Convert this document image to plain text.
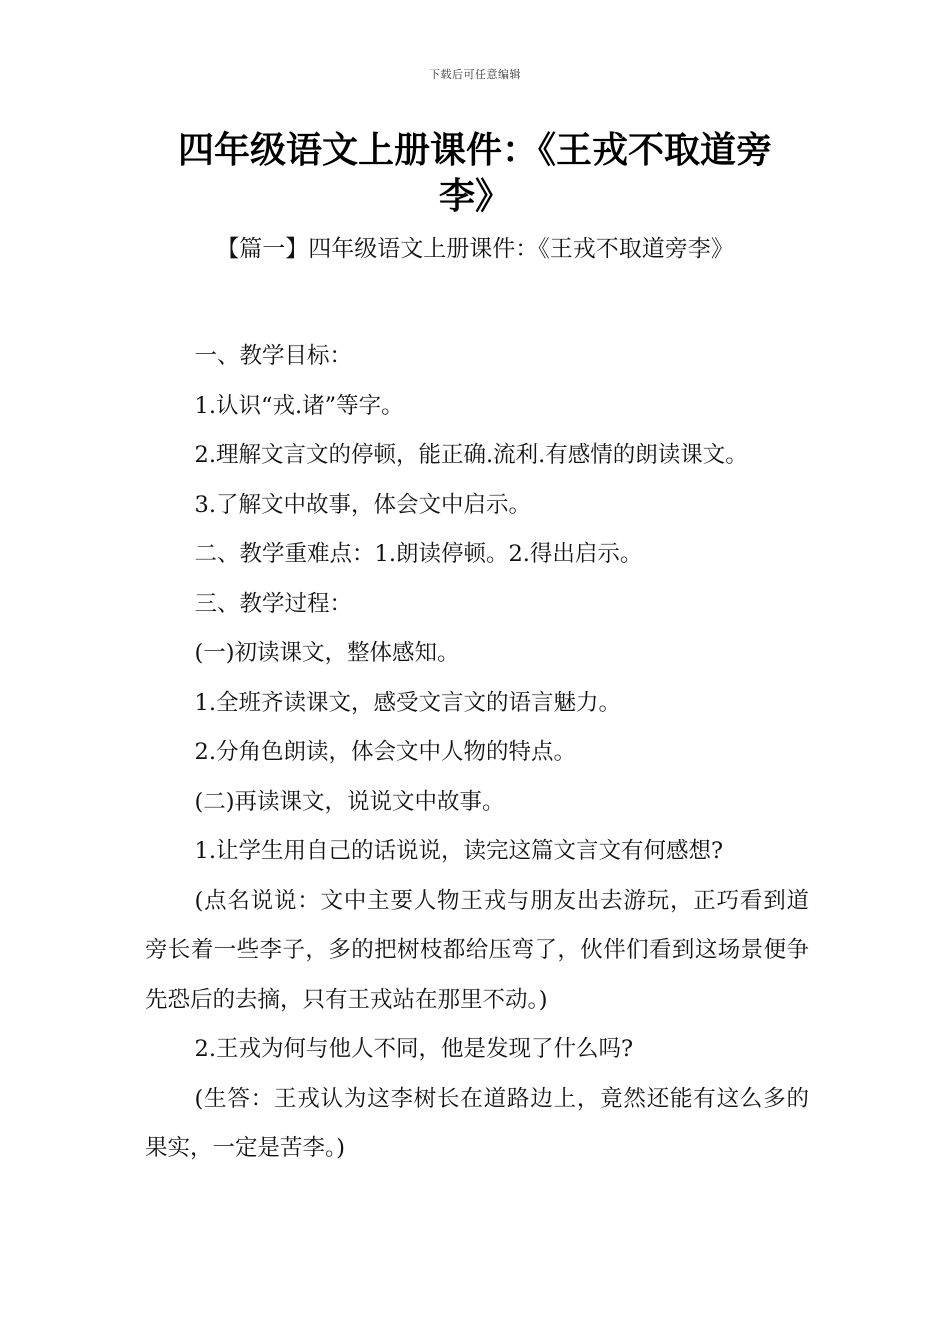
下载后可任意编辑
四年级语文上册课件：《王戎不取道旁
李》
【篇一】四年级语文上册课件：《王戎不取道旁李》

一、教学目标：

1.认识“戎.诸”等字。

2.理解文言文的停顿，能正确.流利.有感情的朗读课文。

3.了解文中故事，体会文中启示。

二、教学重难点：1.朗读停顿。2.得出启示。

三、教学过程：

(一)初读课文，整体感知。

1.全班齐读课文，感受文言文的语言魅力。

2.分角色朗读，体会文中人物的特点。

(二)再读课文，说说文中故事。

1.让学生用自己的话说说，读完这篇文言文有何感想?

(点名说说：文中主要人物王戎与朋友出去游玩，正巧看到道旁长着一些李子，多的把树枝都给压弯了，伙伴们看到这场景便争先恐后的去摘，只有王戎站在那里不动。)

2.王戎为何与他人不同，他是发现了什么吗?

(生答：王戎认为这李树长在道路边上，竟然还能有这么多的果实，一定是苦李。)
